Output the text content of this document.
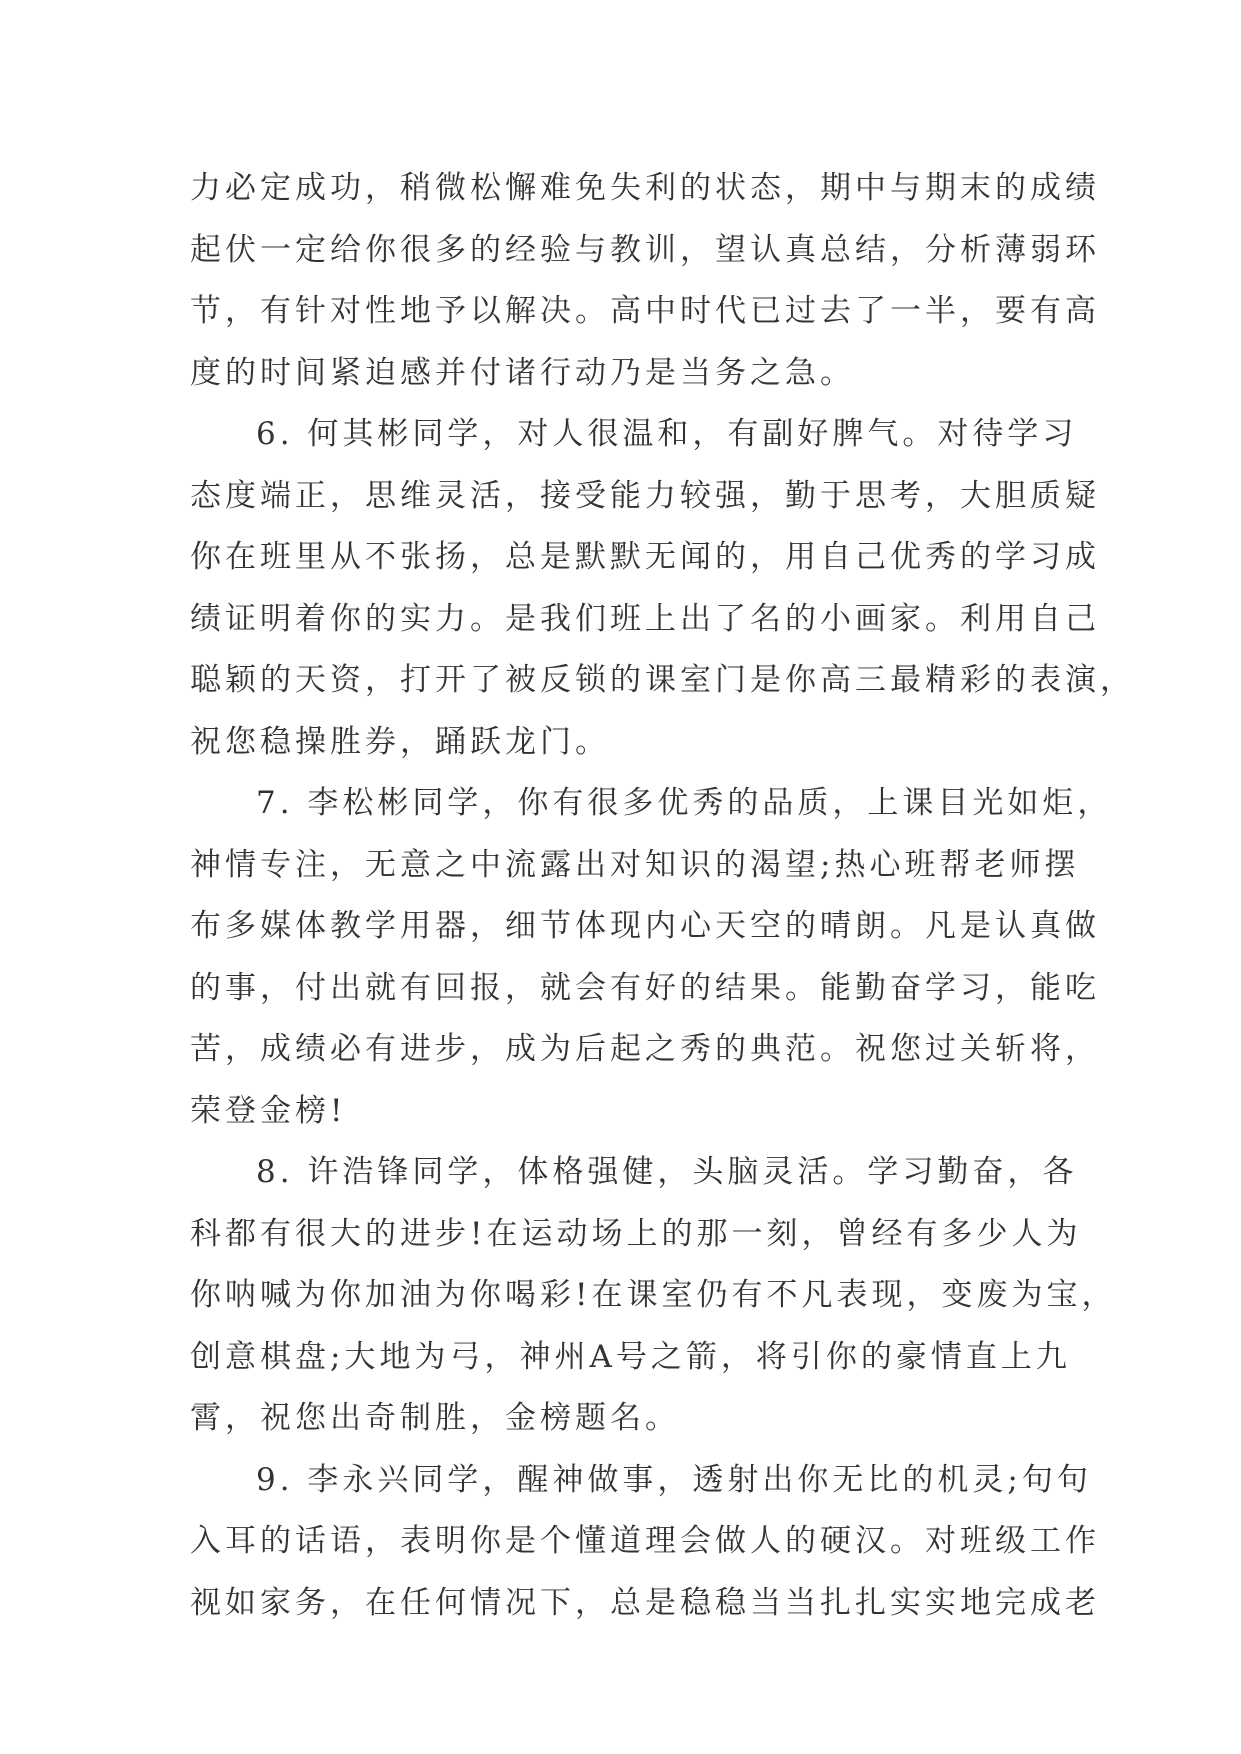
力必定成功，稍微松懈难免失利的状态，期中与期末的成绩
起伏一定给你很多的经验与教训，望认真总结，分析薄弱环
节，有针对性地予以解决。高中时代已过去了一半，要有高
度的时间紧迫感并付诸行动乃是当务之急。
6. 何其彬同学，对人很温和，有副好脾气。对待学习
态度端正，思维灵活，接受能力较强，勤于思考，大胆质疑
你在班里从不张扬，总是默默无闻的，用自己优秀的学习成
绩证明着你的实力。是我们班上出了名的小画家。利用自己
聪颖的天资，打开了被反锁的课室门是你高三最精彩的表演，
祝您稳操胜券，踊跃龙门。
7. 李松彬同学，你有很多优秀的品质，上课目光如炬，
神情专注，无意之中流露出对知识的渴望;热心班帮老师摆
布多媒体教学用器，细节体现内心天空的晴朗。凡是认真做
的事，付出就有回报，就会有好的结果。能勤奋学习，能吃
苦，成绩必有进步，成为后起之秀的典范。祝您过关斩将，
荣登金榜!
8. 许浩锋同学，体格强健，头脑灵活。学习勤奋，各
科都有很大的进步!在运动场上的那一刻，曾经有多少人为
你呐喊为你加油为你喝彩!在课室仍有不凡表现，变废为宝，
创意棋盘;大地为弓，神州A号之箭，将引你的豪情直上九
霄，祝您出奇制胜，金榜题名。
9. 李永兴同学，醒神做事，透射出你无比的机灵;句句
入耳的话语，表明你是个懂道理会做人的硬汉。对班级工作
视如家务，在任何情况下，总是稳稳当当扎扎实实地完成老
